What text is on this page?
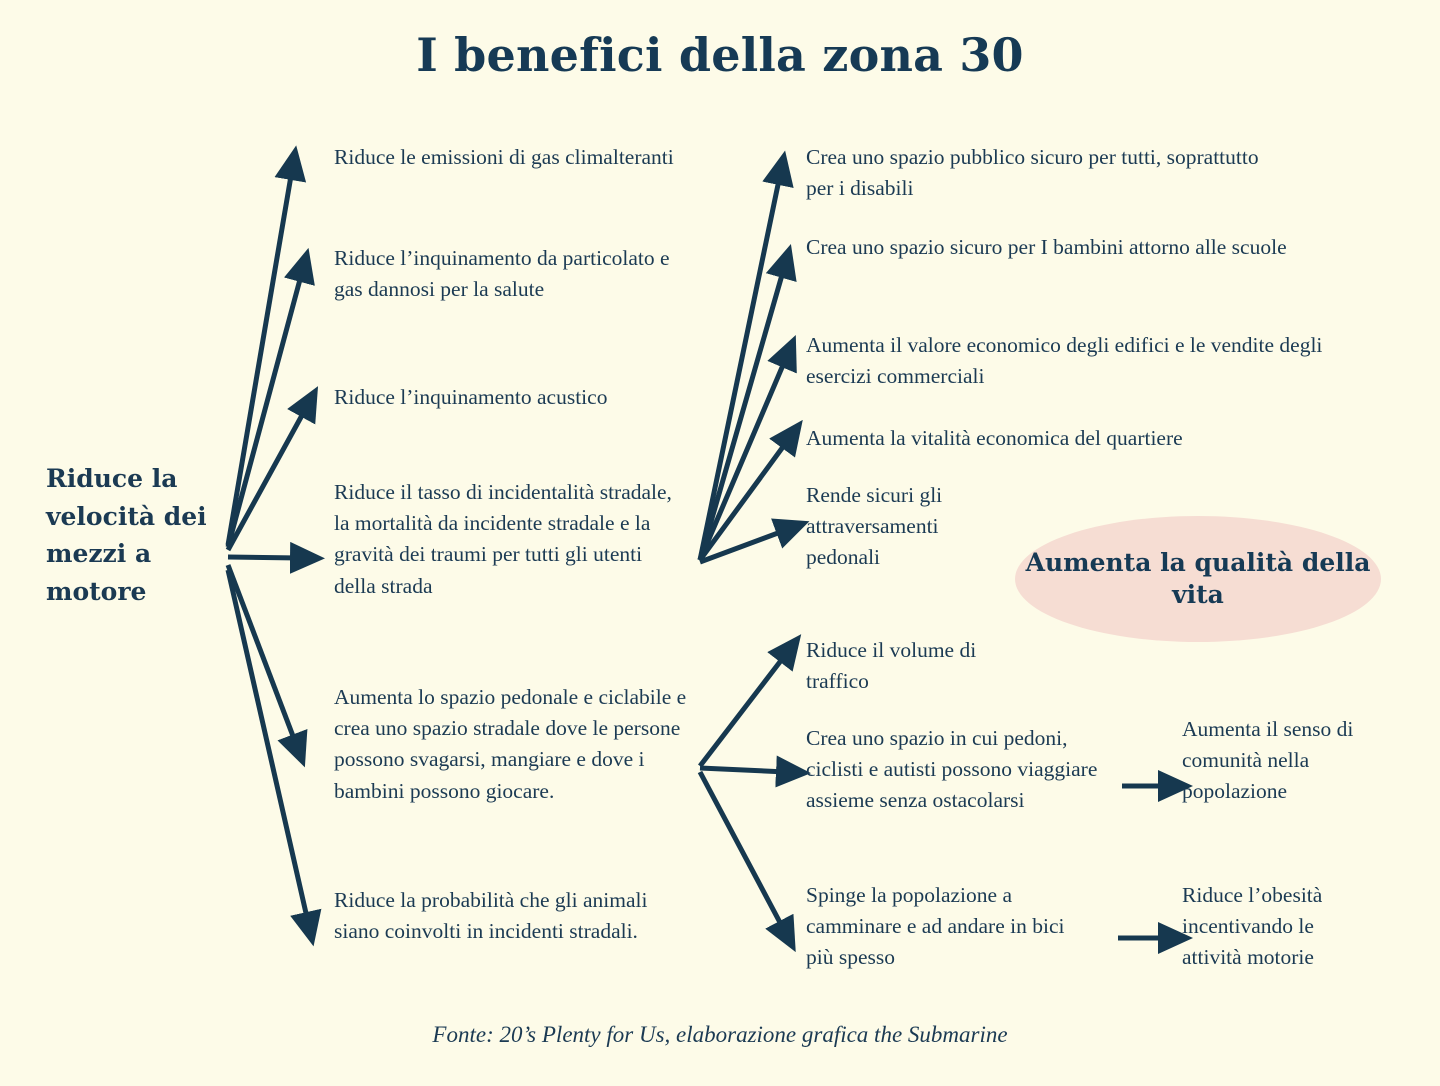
I benefici della zona 30
Riduce la velocità dei mezzi a motore
Riduce le emissioni di gas climalteranti
Riduce l’inquinamento da particolato e gas dannosi per la salute
Riduce l’inquinamento acustico
Riduce il tasso di incidentalità stradale, la mortalità da incidente stradale e la gravità dei traumi per tutti gli utenti della strada
Aumenta lo spazio pedonale e ciclabile e crea uno spazio stradale dove le persone possono svagarsi, mangiare e dove i bambini possono giocare.
Riduce la probabilità che gli animali siano coinvolti in incidenti stradali.
Crea uno spazio pubblico sicuro per tutti, soprattutto per i disabili
Crea uno spazio sicuro per I bambini attorno alle scuole
Aumenta il valore economico degli edifici e le vendite degli esercizi commerciali
Aumenta la vitalità economica del quartiere
Rende sicuri gli attraversamenti pedonali
Riduce il volume di traffico
Crea uno spazio in cui pedoni, ciclisti e autisti possono viaggiare assieme senza ostacolarsi
Spinge la popolazione a camminare e ad andare in bici più spesso
Aumenta il senso di comunità nella popolazione
Riduce l’obesità incentivando le attività motorie
Aumenta la qualità della vita
Fonte: 20’s Plenty for Us, elaborazione grafica the Submarine
